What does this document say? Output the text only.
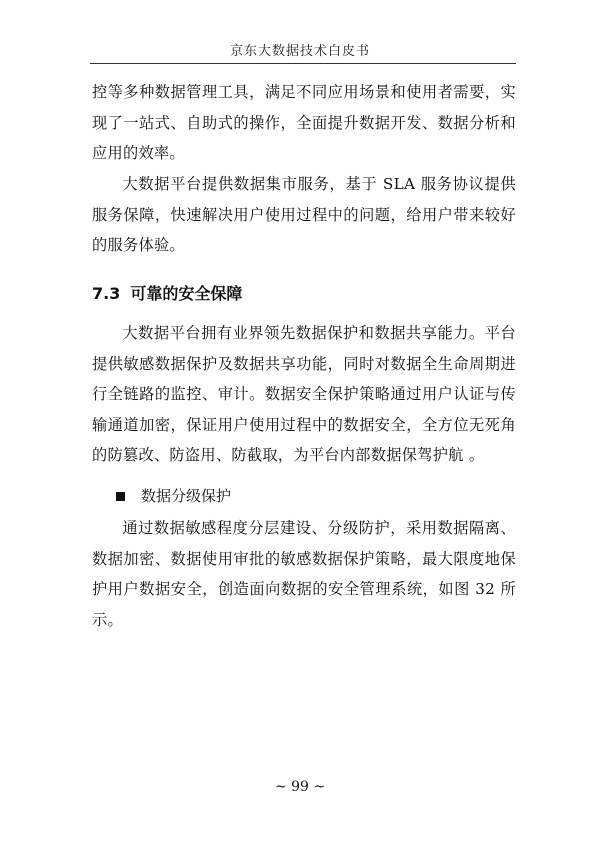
京东大数据技术白皮书

控等多种数据管理工具，满足不同应用场景和使用者需要，实现了一站式、自助式的操作，全面提升数据开发、数据分析和应用的效率。

大数据平台提供数据集市服务，基于 SLA 服务协议提供服务保障，快速解决用户使用过程中的问题，给用户带来较好的服务体验。

7.3 可靠的安全保障

大数据平台拥有业界领先数据保护和数据共享能力。平台提供敏感数据保护及数据共享功能，同时对数据全生命周期进行全链路的监控、审计。数据安全保护策略通过用户认证与传输通道加密，保证用户使用过程中的数据安全，全方位无死角的防篡改、防盗用、防截取，为平台内部数据保驾护航 。

数据分级保护

通过数据敏感程度分层建设、分级防护，采用数据隔离、数据加密、数据使用审批的敏感数据保护策略，最大限度地保护用户数据安全，创造面向数据的安全管理系统，如图 32 所示。

~ 99 ~
